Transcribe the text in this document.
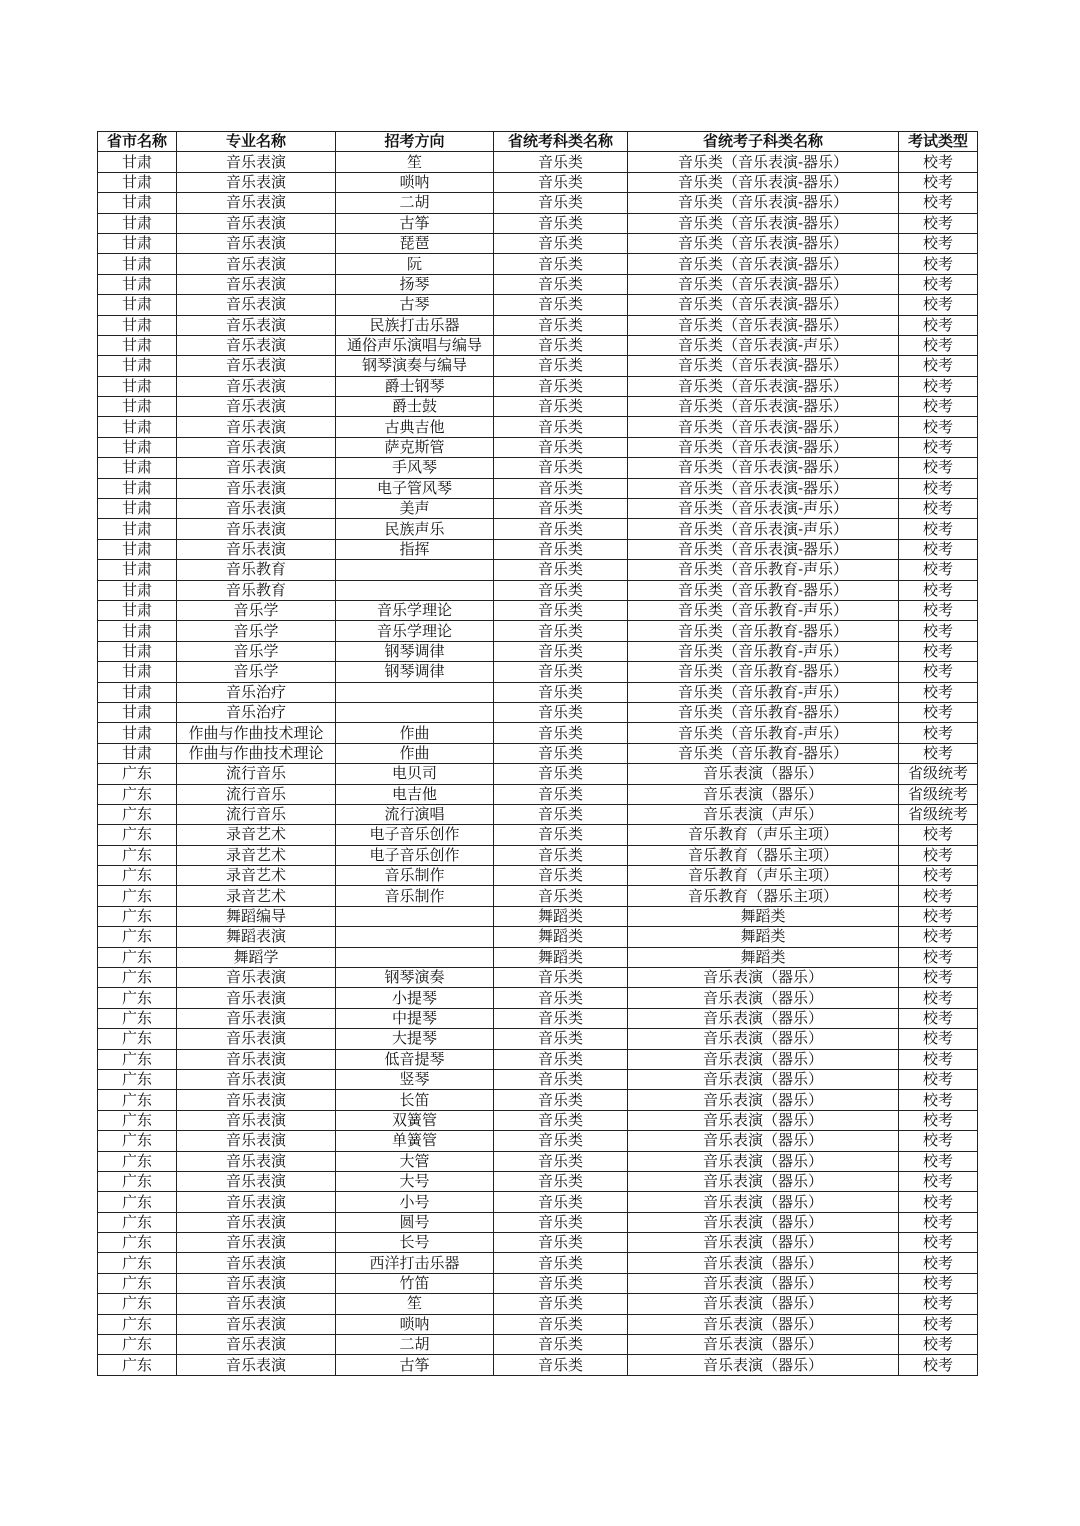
省市名称	专业名称	招考方向	省统考科类名称	省统考子科类名称	考试类型
甘肃	音乐表演	笙	音乐类	音乐类（音乐表演-器乐）	校考
甘肃	音乐表演	唢呐	音乐类	音乐类（音乐表演-器乐）	校考
甘肃	音乐表演	二胡	音乐类	音乐类（音乐表演-器乐）	校考
甘肃	音乐表演	古筝	音乐类	音乐类（音乐表演-器乐）	校考
甘肃	音乐表演	琵琶	音乐类	音乐类（音乐表演-器乐）	校考
甘肃	音乐表演	阮	音乐类	音乐类（音乐表演-器乐）	校考
甘肃	音乐表演	扬琴	音乐类	音乐类（音乐表演-器乐）	校考
甘肃	音乐表演	古琴	音乐类	音乐类（音乐表演-器乐）	校考
甘肃	音乐表演	民族打击乐器	音乐类	音乐类（音乐表演-器乐）	校考
甘肃	音乐表演	通俗声乐演唱与编导	音乐类	音乐类（音乐表演-声乐）	校考
甘肃	音乐表演	钢琴演奏与编导	音乐类	音乐类（音乐表演-器乐）	校考
甘肃	音乐表演	爵士钢琴	音乐类	音乐类（音乐表演-器乐）	校考
甘肃	音乐表演	爵士鼓	音乐类	音乐类（音乐表演-器乐）	校考
甘肃	音乐表演	古典吉他	音乐类	音乐类（音乐表演-器乐）	校考
甘肃	音乐表演	萨克斯管	音乐类	音乐类（音乐表演-器乐）	校考
甘肃	音乐表演	手风琴	音乐类	音乐类（音乐表演-器乐）	校考
甘肃	音乐表演	电子管风琴	音乐类	音乐类（音乐表演-器乐）	校考
甘肃	音乐表演	美声	音乐类	音乐类（音乐表演-声乐）	校考
甘肃	音乐表演	民族声乐	音乐类	音乐类（音乐表演-声乐）	校考
甘肃	音乐表演	指挥	音乐类	音乐类（音乐表演-器乐）	校考
甘肃	音乐教育		音乐类	音乐类（音乐教育-声乐）	校考
甘肃	音乐教育		音乐类	音乐类（音乐教育-器乐）	校考
甘肃	音乐学	音乐学理论	音乐类	音乐类（音乐教育-声乐）	校考
甘肃	音乐学	音乐学理论	音乐类	音乐类（音乐教育-器乐）	校考
甘肃	音乐学	钢琴调律	音乐类	音乐类（音乐教育-声乐）	校考
甘肃	音乐学	钢琴调律	音乐类	音乐类（音乐教育-器乐）	校考
甘肃	音乐治疗		音乐类	音乐类（音乐教育-声乐）	校考
甘肃	音乐治疗		音乐类	音乐类（音乐教育-器乐）	校考
甘肃	作曲与作曲技术理论	作曲	音乐类	音乐类（音乐教育-声乐）	校考
甘肃	作曲与作曲技术理论	作曲	音乐类	音乐类（音乐教育-器乐）	校考
广东	流行音乐	电贝司	音乐类	音乐表演（器乐）	省级统考
广东	流行音乐	电吉他	音乐类	音乐表演（器乐）	省级统考
广东	流行音乐	流行演唱	音乐类	音乐表演（声乐）	省级统考
广东	录音艺术	电子音乐创作	音乐类	音乐教育（声乐主项）	校考
广东	录音艺术	电子音乐创作	音乐类	音乐教育（器乐主项）	校考
广东	录音艺术	音乐制作	音乐类	音乐教育（声乐主项）	校考
广东	录音艺术	音乐制作	音乐类	音乐教育（器乐主项）	校考
广东	舞蹈编导		舞蹈类	舞蹈类	校考
广东	舞蹈表演		舞蹈类	舞蹈类	校考
广东	舞蹈学		舞蹈类	舞蹈类	校考
广东	音乐表演	钢琴演奏	音乐类	音乐表演（器乐）	校考
广东	音乐表演	小提琴	音乐类	音乐表演（器乐）	校考
广东	音乐表演	中提琴	音乐类	音乐表演（器乐）	校考
广东	音乐表演	大提琴	音乐类	音乐表演（器乐）	校考
广东	音乐表演	低音提琴	音乐类	音乐表演（器乐）	校考
广东	音乐表演	竖琴	音乐类	音乐表演（器乐）	校考
广东	音乐表演	长笛	音乐类	音乐表演（器乐）	校考
广东	音乐表演	双簧管	音乐类	音乐表演（器乐）	校考
广东	音乐表演	单簧管	音乐类	音乐表演（器乐）	校考
广东	音乐表演	大管	音乐类	音乐表演（器乐）	校考
广东	音乐表演	大号	音乐类	音乐表演（器乐）	校考
广东	音乐表演	小号	音乐类	音乐表演（器乐）	校考
广东	音乐表演	圆号	音乐类	音乐表演（器乐）	校考
广东	音乐表演	长号	音乐类	音乐表演（器乐）	校考
广东	音乐表演	西洋打击乐器	音乐类	音乐表演（器乐）	校考
广东	音乐表演	竹笛	音乐类	音乐表演（器乐）	校考
广东	音乐表演	笙	音乐类	音乐表演（器乐）	校考
广东	音乐表演	唢呐	音乐类	音乐表演（器乐）	校考
广东	音乐表演	二胡	音乐类	音乐表演（器乐）	校考
广东	音乐表演	古筝	音乐类	音乐表演（器乐）	校考
